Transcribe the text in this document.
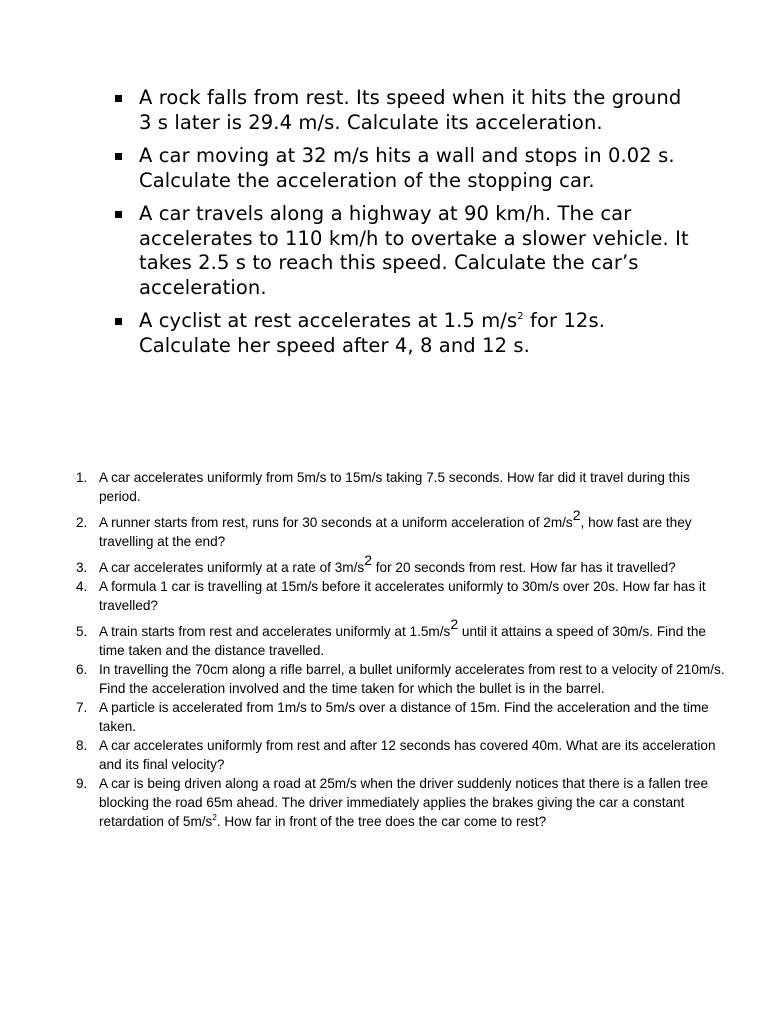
A rock falls from rest. Its speed when it hits the ground 3 s later is 29.4 m/s. Calculate its acceleration.
A car moving at 32 m/s hits a wall and stops in 0.02 s. Calculate the acceleration of the stopping car.
A car travels along a highway at 90 km/h. The car accelerates to 110 km/h to overtake a slower vehicle. It takes 2.5 s to reach this speed. Calculate the car’s acceleration.
A cyclist at rest accelerates at 1.5 $m/s^2$ for 12s. Calculate her speed after 4, 8 and 12 s.
1. A car accelerates uniformly from 5m/s to 15m/s taking 7.5 seconds. How far did it travel during this period.
2. A runner starts from rest, runs for 30 seconds at a uniform acceleration of $2m/s^2$, how fast are they travelling at the end?
3. A car accelerates uniformly at a rate of $3m/s^2$ for 20 seconds from rest. How far has it travelled?
4. A formula 1 car is travelling at 15m/s before it accelerates uniformly to 30m/s over 20s. How far has it travelled?
5. A train starts from rest and accelerates uniformly at $1.5m/s^2$ until it attains a speed of 30m/s. Find the time taken and the distance travelled.
6. In travelling the 70cm along a rifle barrel, a bullet uniformly accelerates from rest to a velocity of 210m/s. Find the acceleration involved and the time taken for which the bullet is in the barrel.
7. A particle is accelerated from 1m/s to 5m/s over a distance of 15m. Find the acceleration and the time taken.
8. A car accelerates uniformly from rest and after 12 seconds has covered 40m. What are its acceleration and its final velocity?
9. A car is being driven along a road at 25m/s when the driver suddenly notices that there is a fallen tree blocking the road 65m ahead. The driver immediately applies the brakes giving the car a constant retardation of $5m/s^2$. How far in front of the tree does the car come to rest?
